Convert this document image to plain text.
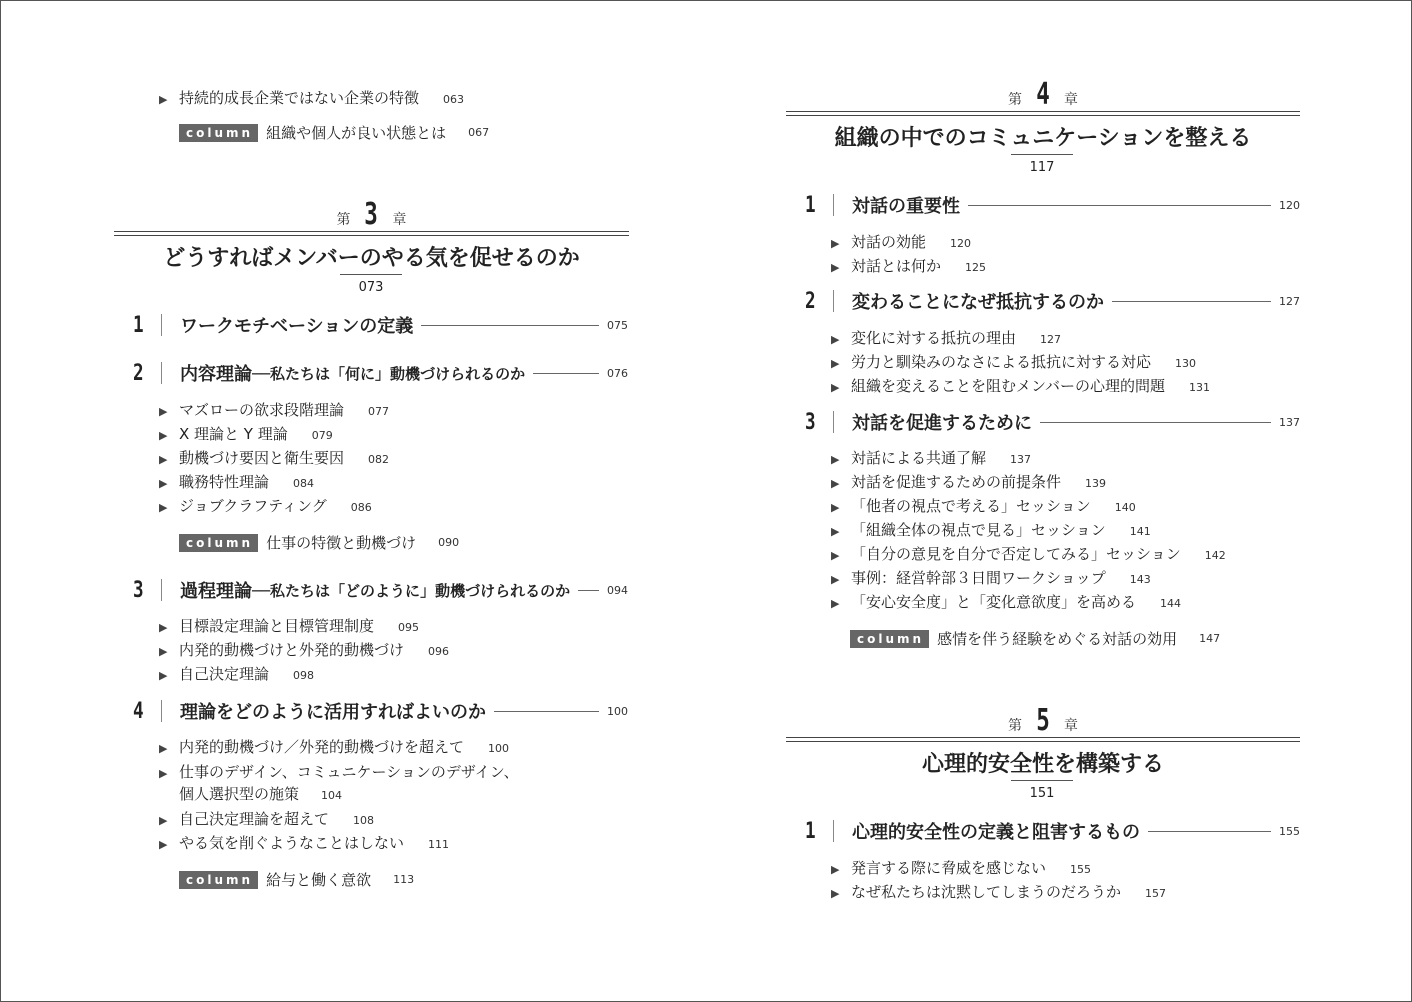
▶ 持続的成長企業ではない企業の特徴 063
column 組織や個人が良い状態とは 067
第 3 章
どうすればメンバーのやる気を促せるのか
073
1 ワークモチベーションの定義	075
2 内容理論 ──私たちは「何に」動機づけられるのか	076
▶ マズローの欲求段階理論 077
▶ X 理論と Y 理論 079
▶ 動機づけ要因と衛生要因 082
▶ 職務特性理論 084
▶ ジョブクラフティング 086
column 仕事の特徴と動機づけ 090
3 過程理論 ──私たちは「どのように」動機づけられるのか	094
▶ 目標設定理論と目標管理制度 095
▶ 内発的動機づけと外発的動機づけ 096
▶ 自己決定理論 098
4 理論をどのように活用すればよいのか	100
▶ 内発的動機づけ／外発的動機づけを超えて 100
▶ 仕事のデザイン、コミュニケーションのデザイン、
個人選択型の施策 104
▶ 自己決定理論を超えて 108
▶ やる気を削ぐようなことはしない 111
column 給与と働く意欲 113
第 4 章
組織の中でのコミュニケーションを整える
117
1	対話の重要性	120
▶ 対話の効能 120
▶ 対話とは何か 125
2	変わることになぜ抵抗するのか	127
▶ 変化に対する抵抗の理由 127
▶ 労力と馴染みのなさによる抵抗に対する対応 130
▶ 組織を変えることを阻むメンバーの心理的問題 131
3	対話を促進するために	137
▶ 対話による共通了解 137
▶ 対話を促進するための前提条件 139
▶ 「他者の視点で考える」セッション 140
▶ 「組織全体の視点で見る」セッション 141
▶ 「自分の意見を自分で否定してみる」セッション 142
▶ 事例：経営幹部３日間ワークショップ 143
▶ 「安心安全度」と「変化意欲度」を高める 144
column 感情を伴う経験をめぐる対話の効用 147
第 5 章
心理的安全性を構築する
151
1	心理的安全性の定義と阻害するもの	155
▶ 発言する際に脅威を感じない 155
▶ なぜ私たちは沈黙してしまうのだろうか 157
